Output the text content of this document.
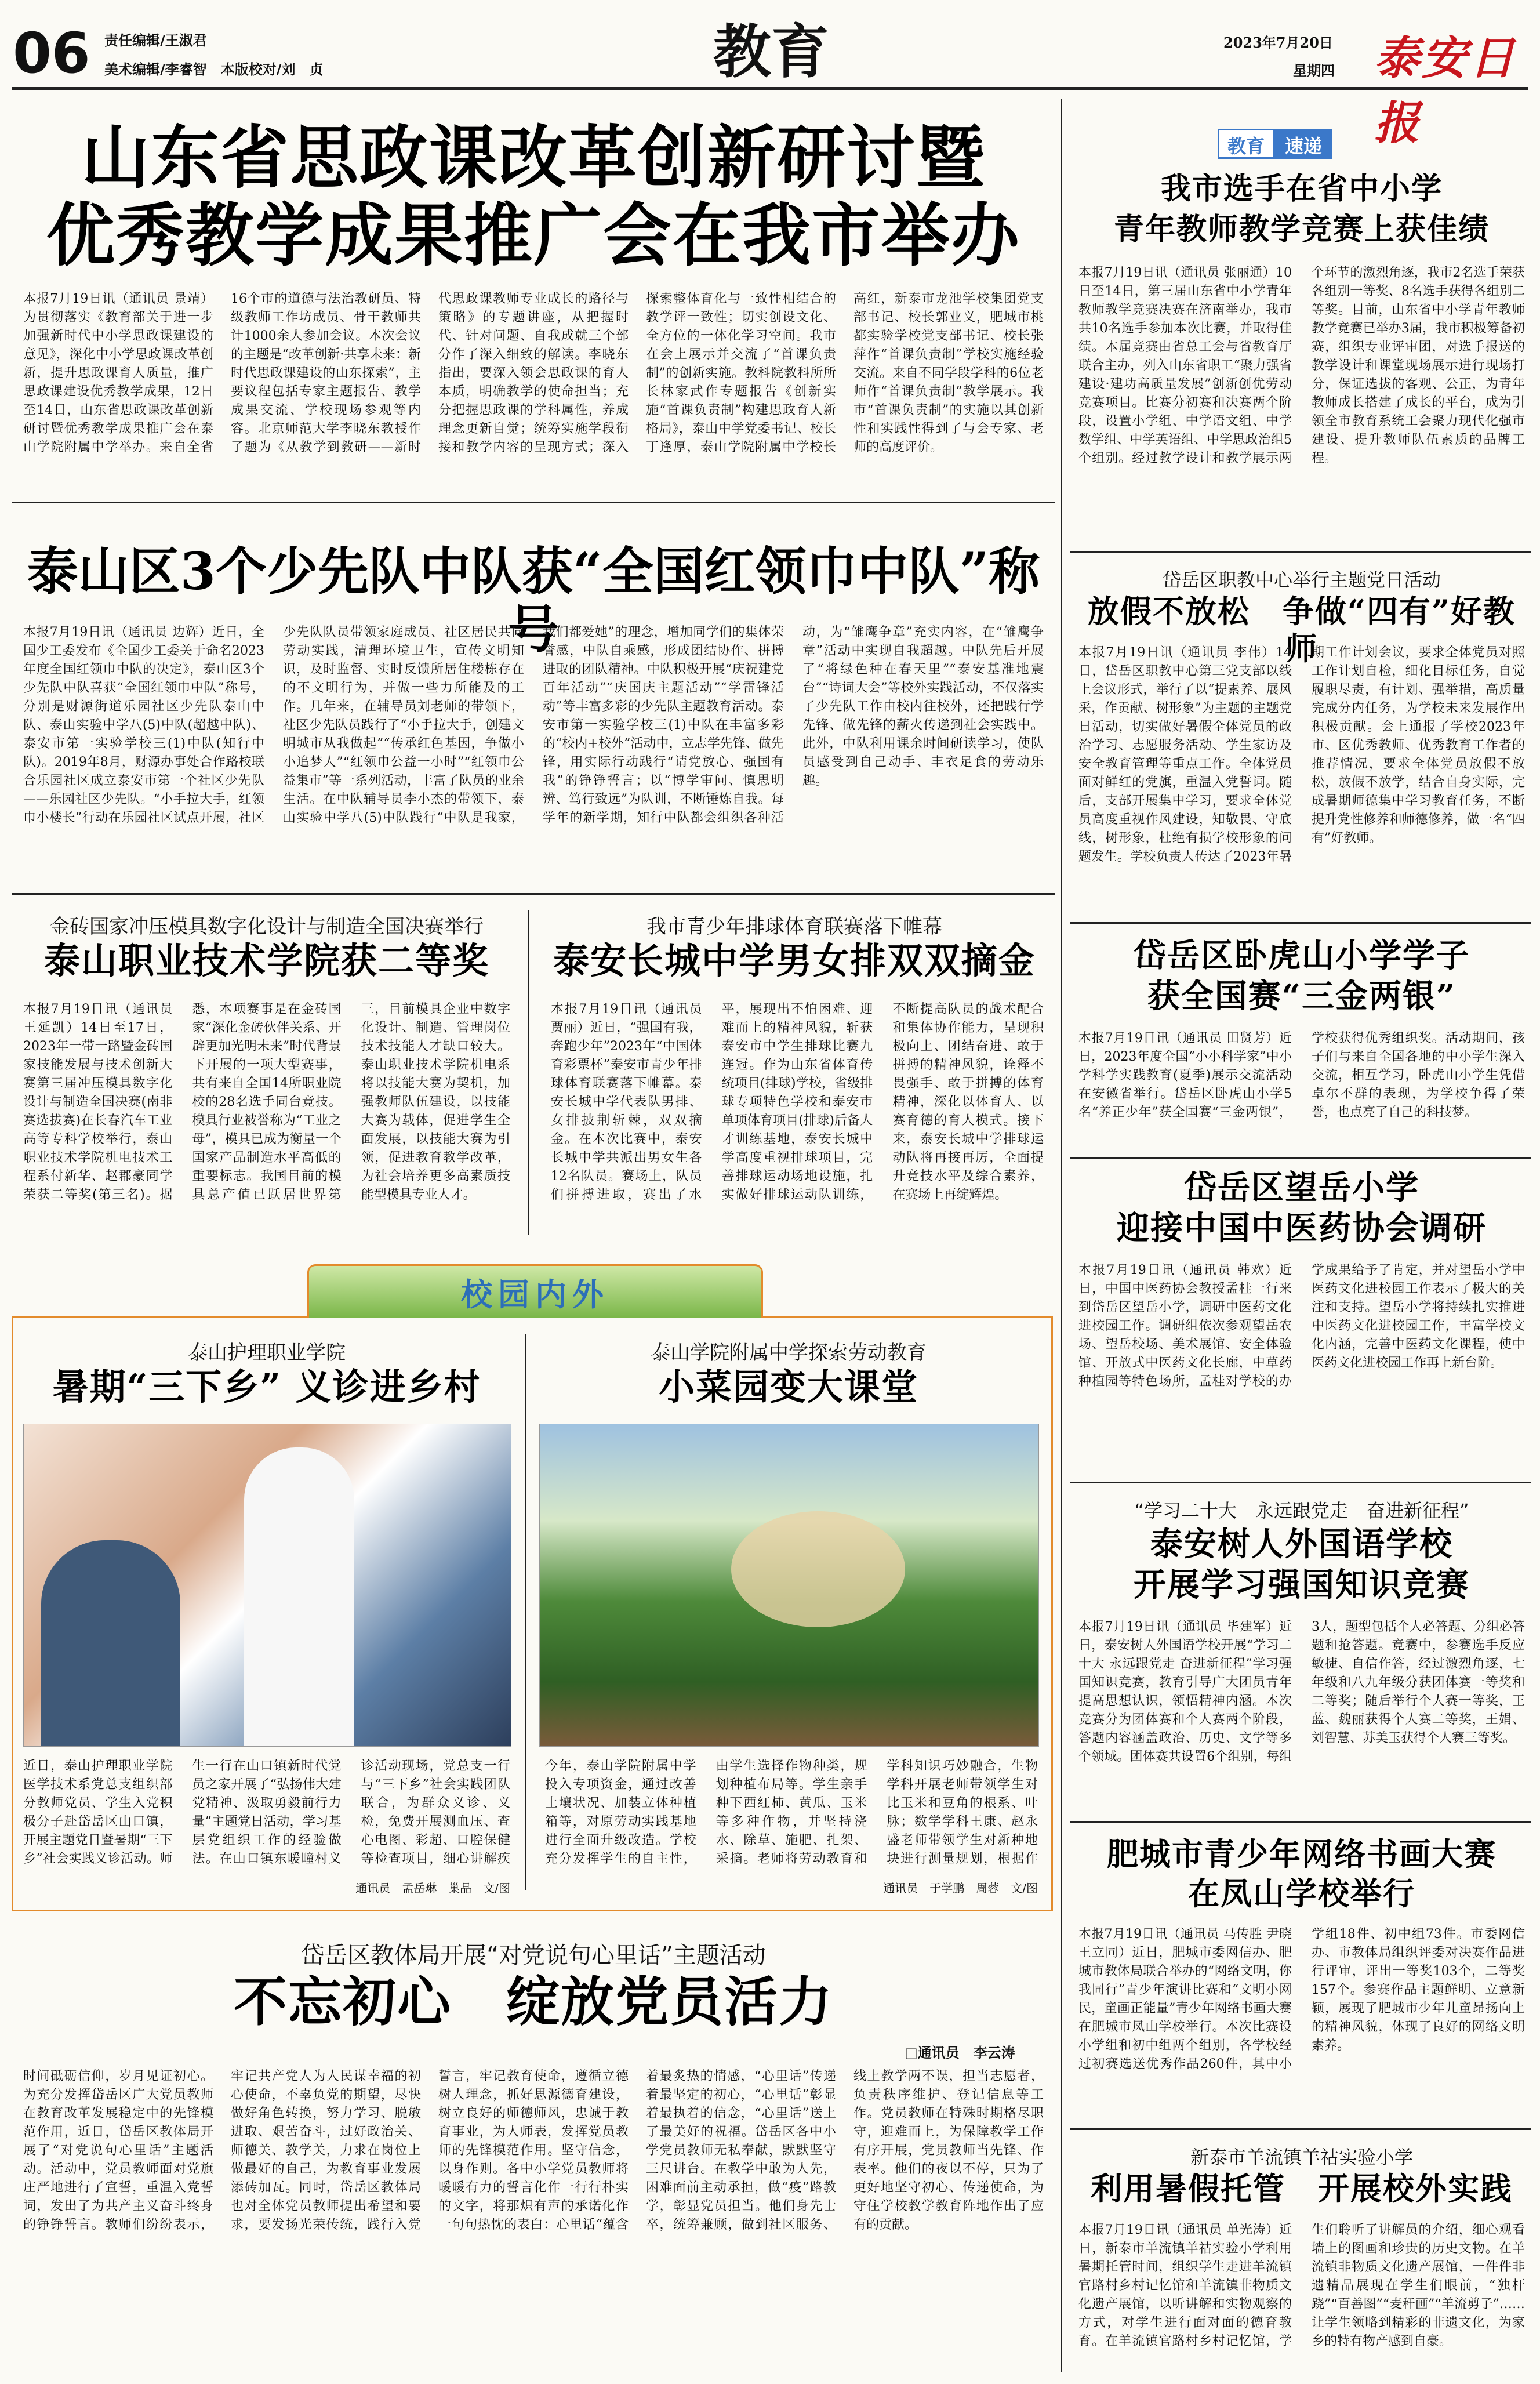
06 责任编辑/王淑君
美术编辑/李睿智　本版校对/刘　贞	教育	2023年7月20日
星期四 泰安日报
山东省思政课改革创新研讨暨
优秀教学成果推广会在我市举办

本报7月19日讯（通讯员 景靖）为贯彻落实《教育部关于进一步加强新时代中小学思政课建设的意见》，深化中小学思政课改革创新，提升思政课育人质量，推广思政课建设优秀教学成果，12日至14日，山东省思政课改革创新研讨暨优秀教学成果推广会在泰山学院附属中学举办。来自全省16个市的道德与法治教研员、特级教师工作坊成员、骨干教师共计1000余人参加会议。本次会议的主题是“改革创新·共享未来：新时代思政课建设的山东探索”，主要议程包括专家主题报告、教学成果交流、学校现场参观等内容。北京师范大学李晓东教授作了题为《从教学到教研——新时代思政课教师专业成长的路径与策略》的专题讲座，从把握时代、针对问题、自我成就三个部分作了深入细致的解读。李晓东指出，要深入领会思政课的育人本质，明确教学的使命担当；充分把握思政课的学科属性，养成理念更新自觉；统筹实施学段衔接和教学内容的呈现方式；深入探索整体育化与一致性相结合的教学评一致性；切实创设文化、全方位的一体化学习空间。我市在会上展示并交流了“首课负责制”的创新实施。教科院教科所所长林家武作专题报告《创新实施“首课负责制”构建思政育人新格局》，泰山中学党委书记、校长丁逢厚，泰山学院附属中学校长高红，新泰市龙池学校集团党支部书记、校长郭业义，肥城市桃都实验学校党支部书记、校长张萍作“首课负责制”学校实施经验交流。来自不同学段学科的6位老师作“首课负责制”教学展示。我市“首课负责制”的实施以其创新性和实践性得到了与会专家、老师的高度评价。

泰山区3个少先队中队获“全国红领巾中队”称号

本报7月19日讯（通讯员 边辉）近日，全国少工委发布《全国少工委关于命名2023年度全国红领巾中队的决定》，泰山区3个少先队中队喜获“全国红领巾中队”称号，分别是财源街道乐园社区少先队泰山中队、泰山实验中学八(5)中队(超越中队)、泰安市第一实验学校三(1)中队(知行中队)。2019年8月，财源办事处合作路校联合乐园社区成立泰安市第一个社区少先队——乐园社区少先队。“小手拉大手，红领巾小楼长”行动在乐园社区试点开展，社区少先队队员带领家庭成员、社区居民共同劳动实践，清理环境卫生，宣传文明知识，及时监督、实时反馈所居住楼栋存在的不文明行为，并做一些力所能及的工作。几年来，在辅导员刘老师的带领下，社区少先队员践行了“小手拉大手，创建文明城市从我做起”“传承红色基因，争做小小追梦人”“红领巾公益一小时”“红领巾公益集市”等一系列活动，丰富了队员的业余生活。在中队辅导员李小杰的带领下，泰山实验中学八(5)中队践行“中队是我家，我们都爱她”的理念，增加同学们的集体荣誉感，中队自乘感，形成团结协作、拼搏进取的团队精神。中队积极开展“庆祝建党百年活动”“庆国庆主题活动”“学雷锋活动”等丰富多彩的少先队主题教育活动。泰安市第一实验学校三(1)中队在丰富多彩的“校内+校外”活动中，立志学先锋、做先锋，用实际行动践行“请党放心、强国有我”的铮铮誓言；以“博学审问、慎思明辨、笃行致远”为队训，不断锤炼自我。每学年的新学期，知行中队都会组织各种活动，为“雏鹰争章”充实内容，在“雏鹰争章”活动中实现自我超越。中队先后开展了“将绿色种在春天里”“泰安基准地震台”“诗词大会”等校外实践活动，不仅落实了少先队工作由校内往校外，还把践行学先锋、做先锋的薪火传递到社会实践中。此外，中队利用课余时间研读学习，使队员感受到自己动手、丰衣足食的劳动乐趣。

金砖国家冲压模具数字化设计与制造全国决赛举行
泰山职业技术学院获二等奖

本报7月19日讯（通讯员 王延凯）14日至17日，2023年一带一路暨金砖国家技能发展与技术创新大赛第三届冲压模具数字化设计与制造全国决赛(南非赛选拔赛)在长春汽车工业高等专科学校举行，泰山职业技术学院机电技术工程系付新华、赵郡豪同学荣获二等奖(第三名)。据悉，本项赛事是在金砖国家“深化金砖伙伴关系、开辟更加光明未来”时代背景下开展的一项大型赛事，共有来自全国14所职业院校的28名选手同台竞技。模具行业被誉称为“工业之母”，模具已成为衡量一个国家产品制造水平高低的重要标志。我国目前的模具总产值已跃居世界第三，目前模具企业中数字化设计、制造、管理岗位技术技能人才缺口较大。泰山职业技术学院机电系将以技能大赛为契机，加强教师队伍建设，以技能大赛为载体，促进学生全面发展，以技能大赛为引领，促进教育教学改革，为社会培养更多高素质技能型模具专业人才。

我市青少年排球体育联赛落下帷幕
泰安长城中学男女排双双摘金

本报7月19日讯（通讯员 贾丽）近日，“强国有我，奔跑少年”2023年“中国体育彩票杯”泰安市青少年排球体育联赛落下帷幕。泰安长城中学代表队男排、女排披荆斩棘，双双摘金。在本次比赛中，泰安长城中学共派出男女生各12名队员。赛场上，队员们拼搏进取，赛出了水平，展现出不怕困难、迎难而上的精神风貌，斩获泰安市中学生排球比赛九连冠。作为山东省体育传统项目(排球)学校，省级排球专项特色学校和泰安市单项体育项目(排球)后备人才训练基地，泰安长城中学高度重视排球项目，完善排球运动场地设施，扎实做好排球运动队训练，不断提高队员的战术配合和集体协作能力，呈现积极向上、团结奋进、敢于拼搏的精神风貌，诠释不畏强手、敢于拼搏的体育精神，深化以体育人、以赛育德的育人模式。接下来，泰安长城中学排球运动队将再接再厉，全面提升竞技水平及综合素养，在赛场上再绽辉煌。

校园内外
泰山护理职业学院
暑期“三下乡” 义诊进乡村

近日，泰山护理职业学院医学技术系党总支组织部分教师党员、学生入党积极分子赴岱岳区山口镇，开展主题党日暨暑期“三下乡”社会实践义诊活动。师生一行在山口镇新时代党员之家开展了“弘扬伟大建党精神、汲取勇毅前行力量”主题党日活动，学习基层党组织工作的经验做法。在山口镇东暖疃村义诊活动现场，党总支一行与“三下乡”社会实践团队联合，为群众义诊、义检，免费开展测血压、查心电图、彩超、口腔保健等检查项目，细心讲解疾

通讯员　孟岳琳　巢晶　文/图
泰山学院附属中学探索劳动教育
小菜园变大课堂

今年，泰山学院附属中学投入专项资金，通过改善土壤状况、加装立体种植箱等，对原劳动实践基地进行全面升级改造。学校充分发挥学生的自主性，由学生选择作物种类，规划种植布局等。学生亲手种下西红柿、黄瓜、玉米等多种作物，并坚持浇水、除草、施肥、扎架、采摘。老师将劳动教育和学科知识巧妙融合，生物学科开展老师带领学生对比玉米和豆角的根系、叶脉；数学学科王康、赵永盛老师带领学生对新种地块进行测量规划，根据作

通讯员　于学鹏　周蓉　文/图
岱岳区教体局开展“对党说句心里话”主题活动
不忘初心　绽放党员活力
□通讯员　李云涛

时间砥砺信仰，岁月见证初心。为充分发挥岱岳区广大党员教师在教育改革发展稳定中的先锋模范作用，近日，岱岳区教体局开展了“对党说句心里话”主题活动。活动中，党员教师面对党旗庄严地进行了宣誓，重温入党誓词，发出了为共产主义奋斗终身的铮铮誓言。教师们纷纷表示，牢记共产党人为人民谋幸福的初心使命，不辜负党的期望，尽快做好角色转换，努力学习、脱敏进取、艰苦奋斗，过好政治关、师德关、教学关，力求在岗位上做最好的自己，为教育事业发展添砖加瓦。同时，岱岳区教体局也对全体党员教师提出希望和要求，要发扬光荣传统，践行入党誓言，牢记教育使命，遵循立德树人理念，抓好思源德育建设，树立良好的师德师风，忠诚于教育事业，为人师表，发挥党员教师的先锋模范作用。坚守信念，以身作则。各中小学党员教师将暖暖有力的誓言化作一行行朴实的文字，将那炽有声的承诺化作一句句热忱的表白：心里话“蕴含着最炙热的情感，“心里话”传递着最坚定的初心，“心里话”彰显着最执着的信念，“心里话”送上了最美好的祝福。岱岳区各中小学党员教师无私奉献，默默坚守三尺讲台。在教学中敢为人先，困难面前主动承担，做“疫”路教学，彰显党员担当。他们身先士卒，统筹兼顾，做到社区服务、线上教学两不误，担当志愿者，负责秩序维护、登记信息等工作。党员教师在特殊时期格尽职守，迎难而上，为保障教学工作有序开展，党员教师当先锋、作表率。他们的夜以不停，只为了更好地坚守初心、传递使命，为守住学校教学教育阵地作出了应有的贡献。

教育	速递
我市选手在省中小学
青年教师教学竞赛上获佳绩

本报7月19日讯（通讯员 张丽通）10日至14日，第三届山东省中小学青年教师教学竞赛决赛在济南举办，我市共10名选手参加本次比赛，并取得佳绩。本届竞赛由省总工会与省教育厅联合主办，列入山东省职工“聚力强省建设·建功高质量发展”创新创优劳动竞赛项目。比赛分初赛和决赛两个阶段，设置小学组、中学语文组、中学数学组、中学英语组、中学思政治组5个组别。经过教学设计和教学展示两个环节的激烈角逐，我市2名选手荣获各组别一等奖、8名选手获得各组别二等奖。目前，山东省中小学青年教师教学竞赛已举办3届，我市积极筹备初赛，组织专业评审团，对选手报送的教学设计和课堂现场展示进行现场打分，保证选拔的客观、公正，为青年教师成长搭建了成长的平台，成为引领全市教育系统工会聚力现代化强市建设、提升教师队伍素质的品牌工程。

岱岳区职教中心举行主题党日活动
放假不放松　争做“四有”好教师

本报7月19日讯（通讯员 李伟）14日，岱岳区职教中心第三党支部以线上会议形式，举行了以“提素养、展风采，作贡献、树形象”为主题的主题党日活动，切实做好暑假全体党员的政治学习、志愿服务活动、学生家访及安全教育管理等重点工作。全体党员面对鲜红的党旗，重温入党誓词。随后，支部开展集中学习，要求全体党员高度重视作风建设，知敬畏、守底线，树形象，杜绝有损学校形象的问题发生。学校负责人传达了2023年暑期工作计划会议，要求全体党员对照工作计划自检，细化目标任务，自觉履职尽责，有计划、强举措，高质量完成分内任务，为学校未来发展作出积极贡献。会上通报了学校2023年市、区优秀教师、优秀教育工作者的推荐情况，要求全体党员放假不放松，放假不放学，结合自身实际，完成暑期师德集中学习教育任务，不断提升党性修养和师德修养，做一名“四有”好教师。

岱岳区卧虎山小学学子
获全国赛“三金两银”

本报7月19日讯（通讯员 田贤芳）近日，2023年度全国“小小科学家”中小学科学实践教育(夏季)展示交流活动在安徽省举行。岱岳区卧虎山小学5名“养正少年”获全国赛“三金两银”，学校获得优秀组织奖。活动期间，孩子们与来自全国各地的中小学生深入交流，相互学习，卧虎山小学生凭借卓尔不群的表现，为学校争得了荣誉，也点亮了自己的科技梦。

岱岳区望岳小学
迎接中国中医药协会调研

本报7月19日讯（通讯员 韩欢）近日，中国中医药协会教授孟桂一行来到岱岳区望岳小学，调研中医药文化进校园工作。调研组依次参观望岳农场、望岳校场、美术展馆、安全体验馆、开放式中医药文化长廊，中草药种植园等特色场所，孟桂对学校的办学成果给予了肯定，并对望岳小学中医药文化进校园工作表示了极大的关注和支持。望岳小学将持续扎实推进中医药文化进校园工作，丰富学校文化内涵，完善中医药文化课程，使中医药文化进校园工作再上新台阶。

“学习二十大　永远跟党走　奋进新征程”
泰安树人外国语学校
开展学习强国知识竞赛

本报7月19日讯（通讯员 毕建军）近日，泰安树人外国语学校开展“学习二十大 永远跟党走 奋进新征程”学习强国知识竞赛，教育引导广大团员青年提高思想认识，领悟精神内涵。本次竞赛分为团体赛和个人赛两个阶段，答题内容涵盖政治、历史、文学等多个领域。团体赛共设置6个组别，每组3人，题型包括个人必答题、分组必答题和抢答题。竞赛中，参赛选手反应敏捷、自信作答，经过激烈角逐，七年级和八九年级分获团体赛一等奖和二等奖；随后举行个人赛一等奖，王蓝、魏丽获得个人赛二等奖，王娟、刘智慧、苏美玉获得个人赛三等奖。

肥城市青少年网络书画大赛
在凤山学校举行

本报7月19日讯（通讯员 马传胜 尹晓 王立同）近日，肥城市委网信办、肥城市教体局联合举办的“网络文明，你我同行”青少年演讲比赛和“文明小网民，童画正能量”青少年网络书画大赛在肥城市凤山学校举行。本次比赛设小学组和初中组两个组别，各学校经过初赛选送优秀作品260件，其中小学组18件、初中组73件。市委网信办、市教体局组织评委对决赛作品进行评审，评出一等奖103个，二等奖157个。参赛作品主题鲜明、立意新颖，展现了肥城市少年儿童昂扬向上的精神风貌，体现了良好的网络文明素养。

新泰市羊流镇羊祜实验小学
利用暑假托管　开展校外实践

本报7月19日讯（通讯员 单光涛）近日，新泰市羊流镇羊祜实验小学利用暑期托管时间，组织学生走进羊流镇官路村乡村记忆馆和羊流镇非物质文化遗产展馆，以听讲解和实物观察的方式，对学生进行面对面的德育教育。在羊流镇官路村乡村记忆馆，学生们聆听了讲解员的介绍，细心观看墙上的图画和珍贵的历史文物。在羊流镇非物质文化遗产展馆，一件件非遗精品展现在学生们眼前，“独杆跷”“百善图”“麦秆画”“羊流剪子”……让学生领略到精彩的非遗文化，为家乡的特有物产感到自豪。
